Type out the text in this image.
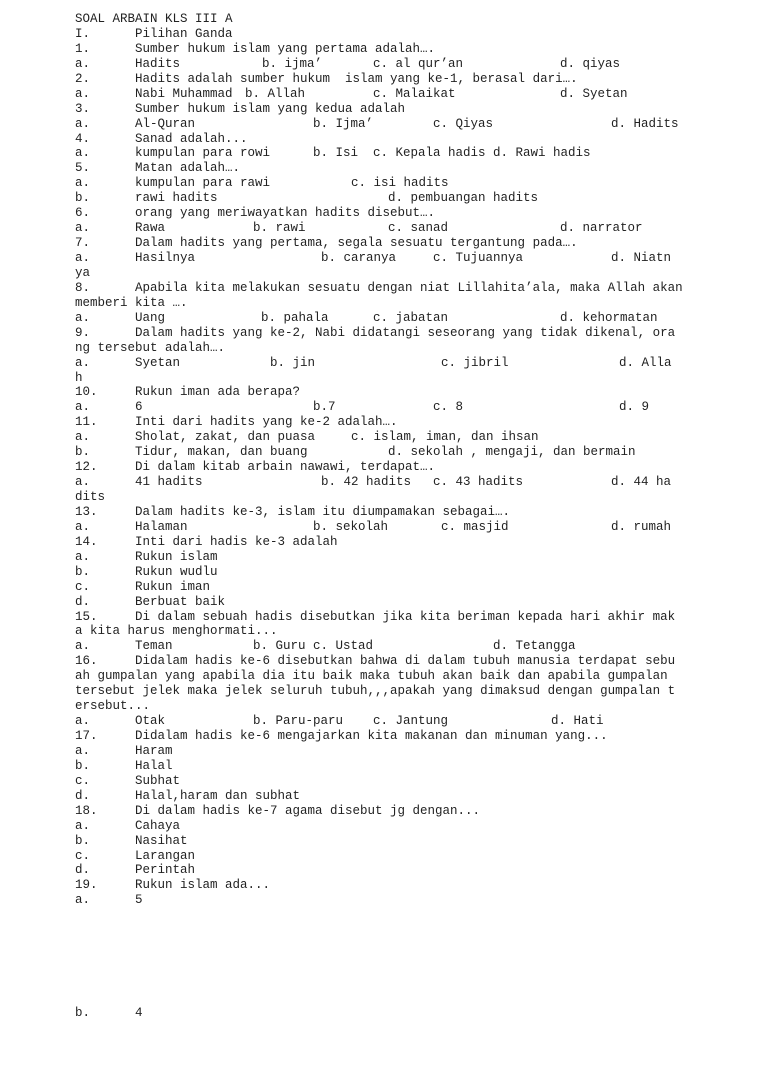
SOAL ARBAIN KLS III A

I.

	Pilihan Ganda

1.	Sumber hukum islam yang pertama adalah….
a.	Hadits	b. ijma’	c. al qur’an	d. qiyas
2.	Hadits adalah sumber hukum  islam yang ke-1, berasal dari….
a.	Nabi Muhammad b. Allah	c. Malaikat	d. Syetan
3.	Sumber hukum islam yang kedua adalah
a.	Al-Quran	b. Ijma’	c. Qiyas	d. Hadits
4.	Sanad adalah...
a.	kumpulan para rowi	b. Isi c. Kepala hadis d. Rawi hadis
5.	Matan adalah….
a.	kumpulan para rawi	c. isi hadits
b.	rawi hadits	d. pembuangan hadits
6.	orang yang meriwayatkan hadits disebut….
a.	Rawa	b. rawi	c. sanad	d. narrator
7.	Dalam hadits yang pertama, segala sesuatu tergantung pada….
a.	Hasilnya	b. caranya	c. Tujuannya	d. Niatn
ya
8.	Apabila kita melakukan sesuatu dengan niat Lillahita’ala, maka Allah akan
memberi kita ….
a.	Uang	b. pahala	c. jabatan	d. kehormatan
9.	Dalam hadits yang ke-2, Nabi didatangi seseorang yang tidak dikenal, ora
ng tersebut adalah….
a.	Syetan	b. jin	c. jibril	d. Alla
h
10.	Rukun iman ada berapa?
a.	6	b.7	c. 8	d. 9
11.	Inti dari hadits yang ke-2 adalah….
a.	Sholat, zakat, dan puasa	c. islam, iman, dan ihsan
b.	Tidur, makan, dan buang	d. sekolah , mengaji, dan bermain
12.	Di dalam kitab arbain nawawi, terdapat….
a.	41 hadits	b. 42 hadits c. 43 hadits	d. 44 ha
dits
13.	Dalam hadits ke-3, islam itu diumpamakan sebagai….
a.	Halaman	b. sekolah	c. masjid	d. rumah
14.	Inti dari hadis ke-3 adalah
a.	Rukun islam
b.	Rukun wudlu
c.	Rukun iman
d.	Berbuat baik
15.	Di dalam sebuah hadis disebutkan jika kita beriman kepada hari akhir mak
a kita harus menghormati...
a.	Teman	b. Guru c. Ustad	d. Tetangga
16.	Didalam hadis ke-6 disebutkan bahwa di dalam tubuh manusia terdapat sebu
ah gumpalan yang apabila dia itu baik maka tubuh akan baik dan apabila gumpalan
tersebut jelek maka jelek seluruh tubuh,,,apakah yang dimaksud dengan gumpalan t
ersebut...
a.	Otak	b. Paru-paru c. Jantung	d. Hati
17.	Didalam hadis ke-6 mengajarkan kita makanan dan minuman yang...
a.	Haram
b.	Halal
c.	Subhat
d.	Halal,haram dan subhat
18.	Di dalam hadis ke-7 agama disebut jg dengan...
a.	Cahaya
b.	Nasihat
c.	Larangan
d.	Perintah
19.	Rukun islam ada...
a.	5

b.

	4
